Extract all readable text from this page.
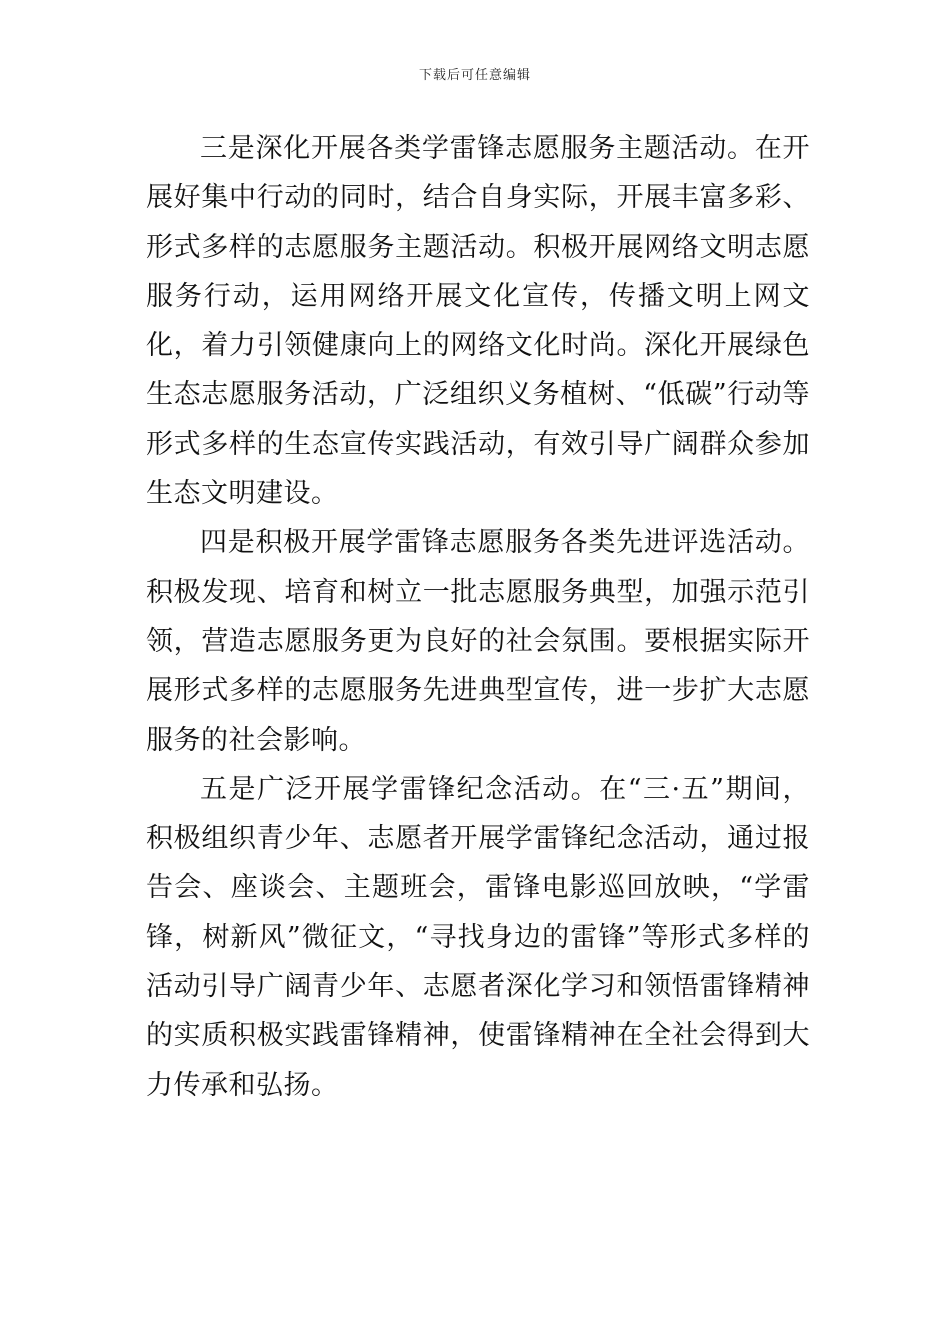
下载后可任意编辑

三是深化开展各类学雷锋志愿服务主题活动。在开展好集中行动的同时，结合自身实际，开展丰富多彩、形式多样的志愿服务主题活动。积极开展网络文明志愿服务行动，运用网络开展文化宣传，传播文明上网文化，着力引领健康向上的网络文化时尚。深化开展绿色生态志愿服务活动，广泛组织义务植树、“低碳”行动等形式多样的生态宣传实践活动，有效引导广阔群众参加生态文明建设。

四是积极开展学雷锋志愿服务各类先进评选活动。积极发现、培育和树立一批志愿服务典型，加强示范引领，营造志愿服务更为良好的社会氛围。要根据实际开展形式多样的志愿服务先进典型宣传，进一步扩大志愿服务的社会影响。

五是广泛开展学雷锋纪念活动。在“三·五”期间，积极组织青少年、志愿者开展学雷锋纪念活动，通过报告会、座谈会、主题班会，雷锋电影巡回放映，“学雷锋，树新风”微征文，“寻找身边的雷锋”等形式多样的活动引导广阔青少年、志愿者深化学习和领悟雷锋精神的实质积极实践雷锋精神，使雷锋精神在全社会得到大力传承和弘扬。
